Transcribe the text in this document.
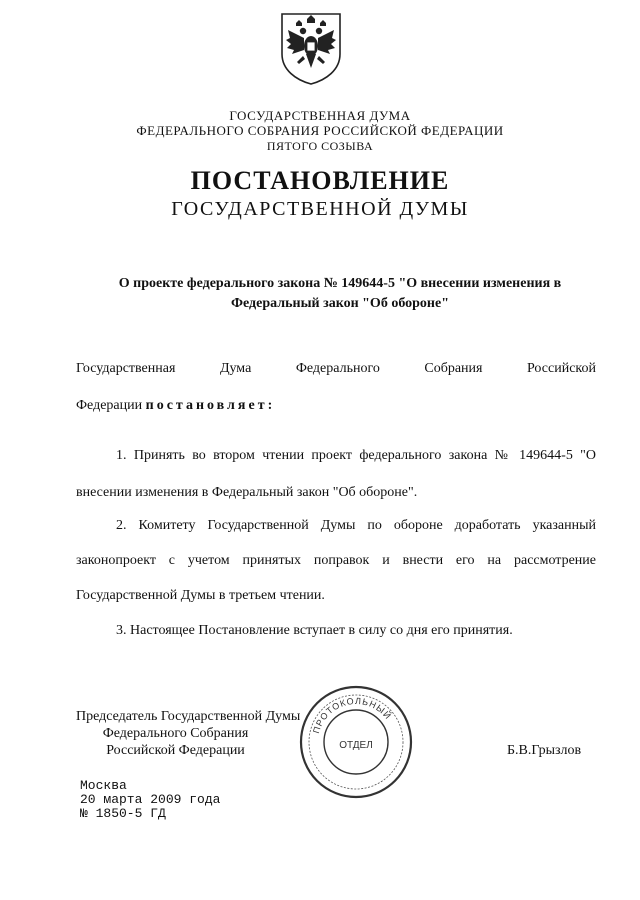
ГОСУДАРСТВЕННАЯ ДУМА
ФЕДЕРАЛЬНОГО СОБРАНИЯ РОССИЙСКОЙ ФЕДЕРАЦИИ
ПЯТОГО СОЗЫВА
ПОСТАНОВЛЕНИЕ
ГОСУДАРСТВЕННОЙ ДУМЫ
О проекте федерального закона № 149644-5 "О внесении изменения в Федеральный закон "Об обороне"
Государственная Дума Федерального Собрания Российской
Федерации постановляет:
1. Принять во втором чтении проект федерального закона № 149644-5 "О
внесении изменения в Федеральный закон "Об обороне".
2. Комитету Государственной Думы по обороне доработать указанный
законопроект с учетом принятых поправок и внести его на рассмотрение
Государственной Думы в третьем чтении.
3. Настоящее Постановление вступает в силу со дня его принятия.
Председатель Государственной Думы
Федерального Собрания
Российской Федерации	Б.В.Грызлов
ПРОТОКОЛЬНЫЙ
ОТДЕЛ
Москва
20 марта 2009 года
№ 1850-5 ГД
